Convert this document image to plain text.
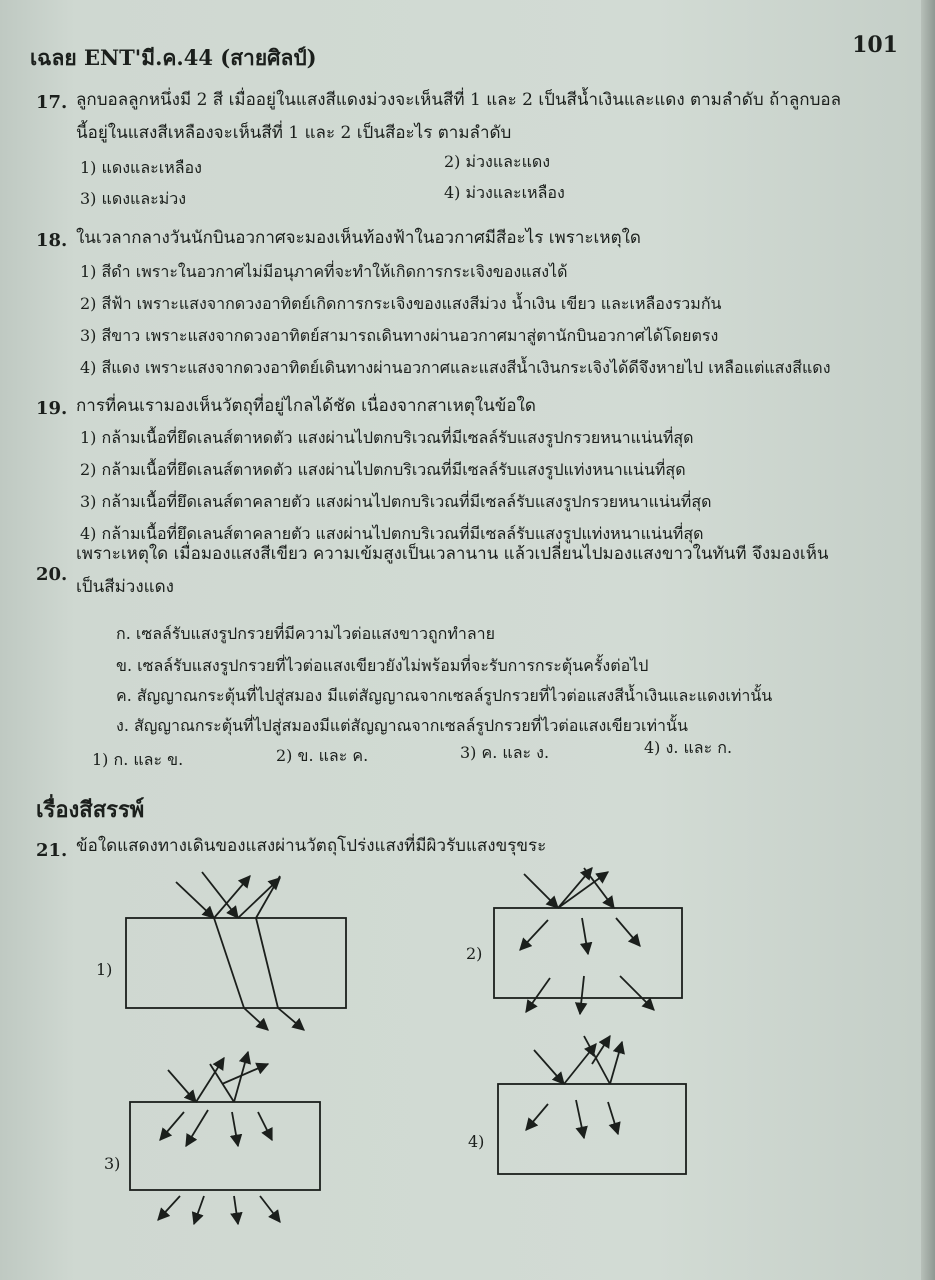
เฉลย ENT'มี.ค.44 (สายศิลป์)	101
17. ลูกบอลลูกหนึ่งมี 2 สี เมื่ออยู่ในแสงสีแดงม่วงจะเห็นสีที่ 1 และ 2 เป็นสีน้ำเงินและแดง ตามลำดับ ถ้าลูกบอลนี้อยู่ในแสงสีเหลืองจะเห็นสีที่ 1 และ 2 เป็นสีอะไร ตามลำดับ
1) แดงและเหลือง	2) ม่วงและแดง
3) แดงและม่วง	4) ม่วงและเหลือง
18. ในเวลากลางวันนักบินอวกาศจะมองเห็นท้องฟ้าในอวกาศมีสีอะไร เพราะเหตุใด
1) สีดำ เพราะในอวกาศไม่มีอนุภาคที่จะทำให้เกิดการกระเจิงของแสงได้
2) สีฟ้า เพราะแสงจากดวงอาทิตย์เกิดการกระเจิงของแสงสีม่วง น้ำเงิน เขียว และเหลืองรวมกัน
3) สีขาว เพราะแสงจากดวงอาทิตย์สามารถเดินทางผ่านอวกาศมาสู่ตานักบินอวกาศได้โดยตรง
4) สีแดง เพราะแสงจากดวงอาทิตย์เดินทางผ่านอวกาศและแสงสีน้ำเงินกระเจิงได้ดีจึงหายไป เหลือแต่แสงสีแดง
19. การที่คนเรามองเห็นวัตถุที่อยู่ไกลได้ชัด เนื่องจากสาเหตุในข้อใด
1) กล้ามเนื้อที่ยึดเลนส์ตาหดตัว แสงผ่านไปตกบริเวณที่มีเซลล์รับแสงรูปกรวยหนาแน่นที่สุด
2) กล้ามเนื้อที่ยึดเลนส์ตาหดตัว แสงผ่านไปตกบริเวณที่มีเซลล์รับแสงรูปแท่งหนาแน่นที่สุด
3) กล้ามเนื้อที่ยึดเลนส์ตาคลายตัว แสงผ่านไปตกบริเวณที่มีเซลล์รับแสงรูปกรวยหนาแน่นที่สุด
4) กล้ามเนื้อที่ยึดเลนส์ตาคลายตัว แสงผ่านไปตกบริเวณที่มีเซลล์รับแสงรูปแท่งหนาแน่นที่สุด
20.
เพราะเหตุใด เมื่อมองแสงสีเขียว ความเข้มสูงเป็นเวลานาน แล้วเปลี่ยนไปมองแสงขาวในทันที จึงมองเห็นเป็นสีม่วงแดง
ก. เซลล์รับแสงรูปกรวยที่มีความไวต่อแสงขาวถูกทำลาย
ข. เซลล์รับแสงรูปกรวยที่ไวต่อแสงเขียวยังไม่พร้อมที่จะรับการกระตุ้นครั้งต่อไป
ค. สัญญาณกระตุ้นที่ไปสู่สมอง มีแต่สัญญาณจากเซลล์รูปกรวยที่ไวต่อแสงสีน้ำเงินและแดงเท่านั้น
ง. สัญญาณกระตุ้นที่ไปสู่สมองมีแต่สัญญาณจากเซลล์รูปกรวยที่ไวต่อแสงเขียวเท่านั้น
1) ก. และ ข.	2) ข. และ ค.	3) ค. และ ง.	4) ง. และ ก.
เรื่องสีสรรพ์
21. ข้อใดแสดงทางเดินของแสงผ่านวัตถุโปร่งแสงที่มีผิวรับแสงขรุขระ
1)
2)
3)
4)
